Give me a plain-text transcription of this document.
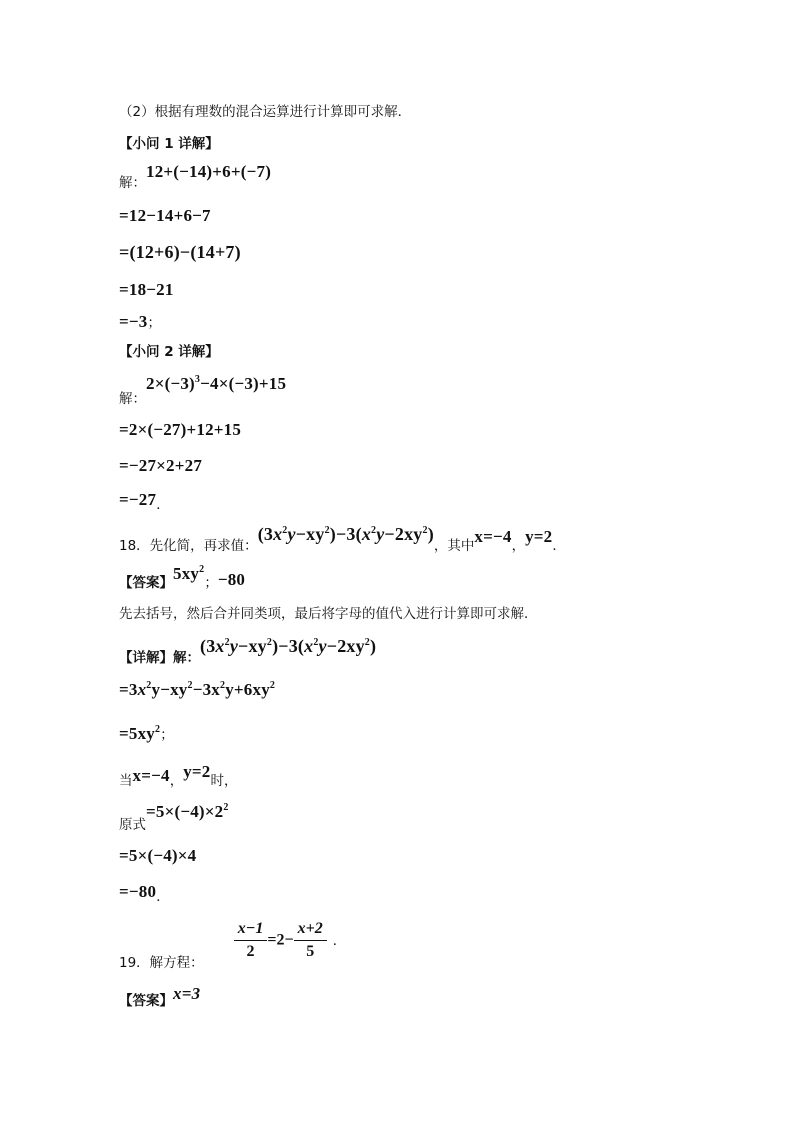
（2）根据有理数的混合运算进行计算即可求解．
【小问 1 详解】
解：12+(−14)+6+(−7)
=12−14+6−7
=(12+6)−(14+7)
=18−21
=−3；
【小问 2 详解】
解：$2\times(-3)^3-4\times(-3)+15$
=2×(−27)+12+15
=−27×2+27
=−27．
18．先化简，再求值：$(3x^2y-xy^2)-3(x^2y-2xy^2)$，其中x=−4，y=2．
【答案】$5xy^2$；−80
先去括号，然后合并同类项，最后将字母的值代入进行计算即可求解．
【详解】解：$(3x^2y-xy^2)-3(x^2y-2xy^2)$
$=3x^2y-xy^2-3x^2y+6xy^2$
$=5xy^2$；
当x=−4，y=2时，
原式$=5\times(-4)\times 2^2$
=5×(−4)×4
=−80．
19．解方程：
$\frac{x-1}{2} =2- \frac{x+2}{5}$ ．
【答案】x=3
